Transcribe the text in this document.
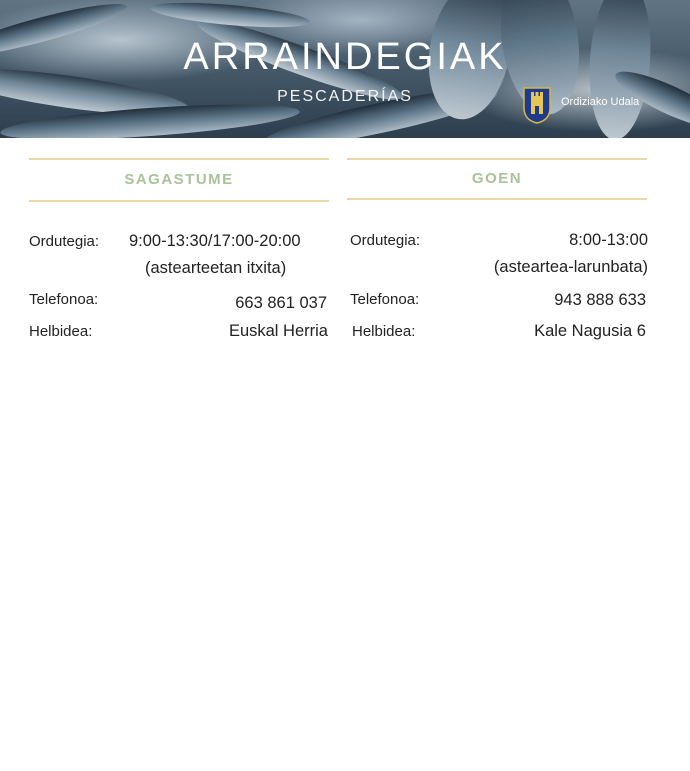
ARRAINDEGIAK
PESCADERÍAS	Ordiziako Udala
SAGASTUME	GOEN
Ordutegia: 9:00-13:30/17:00-20:00
(astearteetan itxita)
Telefonoa:	663 861 037
Helbidea:	Euskal Herria
Ordutegia:	8:00-13:00
(asteartea-larunbata)
Telefonoa:	943 888 633
Helbidea:	Kale Nagusia 6
